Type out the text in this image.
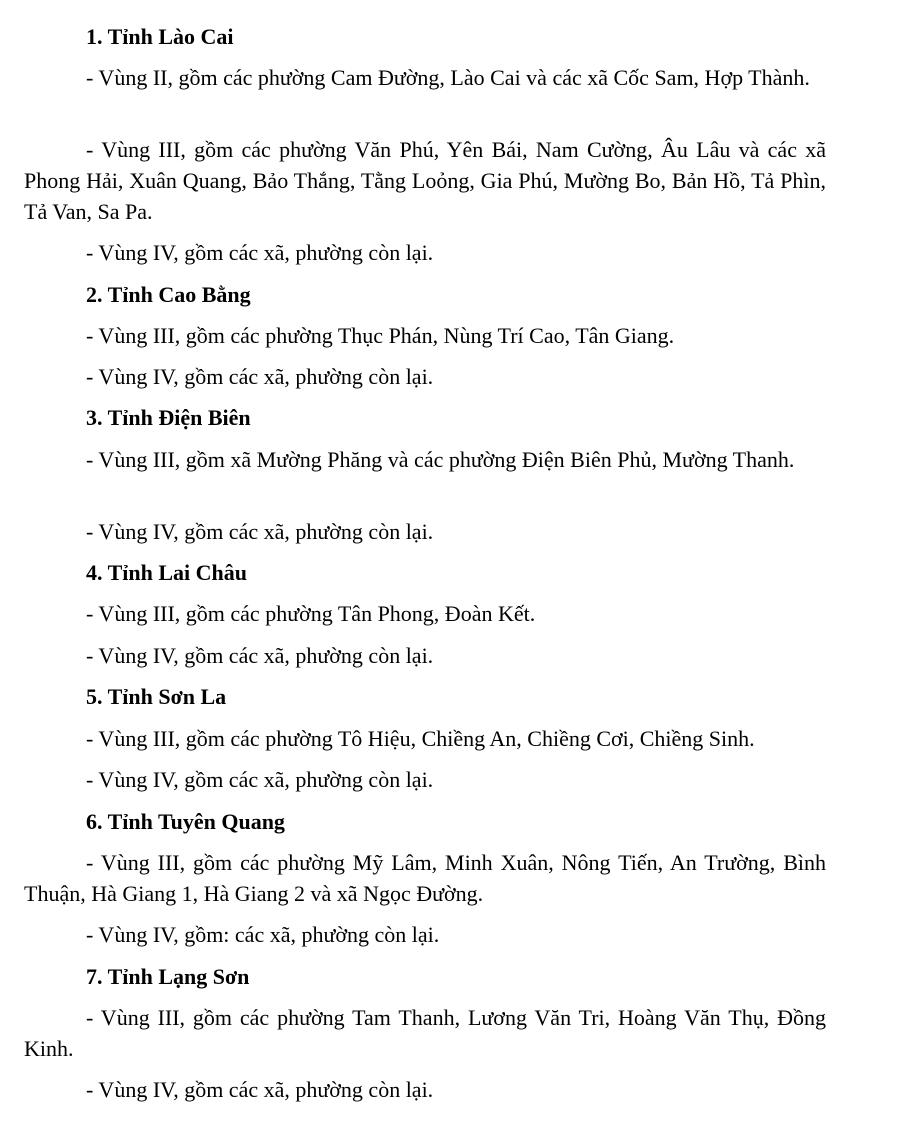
1. Tỉnh Lào Cai

- Vùng II, gồm các phường Cam Đường, Lào Cai và các xã Cốc Sam, Hợp Thành.

- Vùng III, gồm các phường Văn Phú, Yên Bái, Nam Cường, Âu Lâu và các xã Phong Hải, Xuân Quang, Bảo Thắng, Tằng Loỏng, Gia Phú, Mường Bo, Bản Hồ, Tả Phìn, Tả Van, Sa Pa.

- Vùng IV, gồm các xã, phường còn lại.

2. Tỉnh Cao Bằng

- Vùng III, gồm các phường Thục Phán, Nùng Trí Cao, Tân Giang.

- Vùng IV, gồm các xã, phường còn lại.

3. Tỉnh Điện Biên

- Vùng III, gồm xã Mường Phăng và các phường Điện Biên Phủ, Mường Thanh.

- Vùng IV, gồm các xã, phường còn lại.

4. Tỉnh Lai Châu

- Vùng III, gồm các phường Tân Phong, Đoàn Kết.

- Vùng IV, gồm các xã, phường còn lại.

5. Tỉnh Sơn La

- Vùng III, gồm các phường Tô Hiệu, Chiềng An, Chiềng Cơi, Chiềng Sinh.

- Vùng IV, gồm các xã, phường còn lại.

6. Tỉnh Tuyên Quang

- Vùng III, gồm các phường Mỹ Lâm, Minh Xuân, Nông Tiến, An Trường, Bình Thuận, Hà Giang 1, Hà Giang 2 và xã Ngọc Đường.

- Vùng IV, gồm: các xã, phường còn lại.

7. Tỉnh Lạng Sơn

- Vùng III, gồm các phường Tam Thanh, Lương Văn Tri, Hoàng Văn Thụ, Đồng Kinh.

- Vùng IV, gồm các xã, phường còn lại.
